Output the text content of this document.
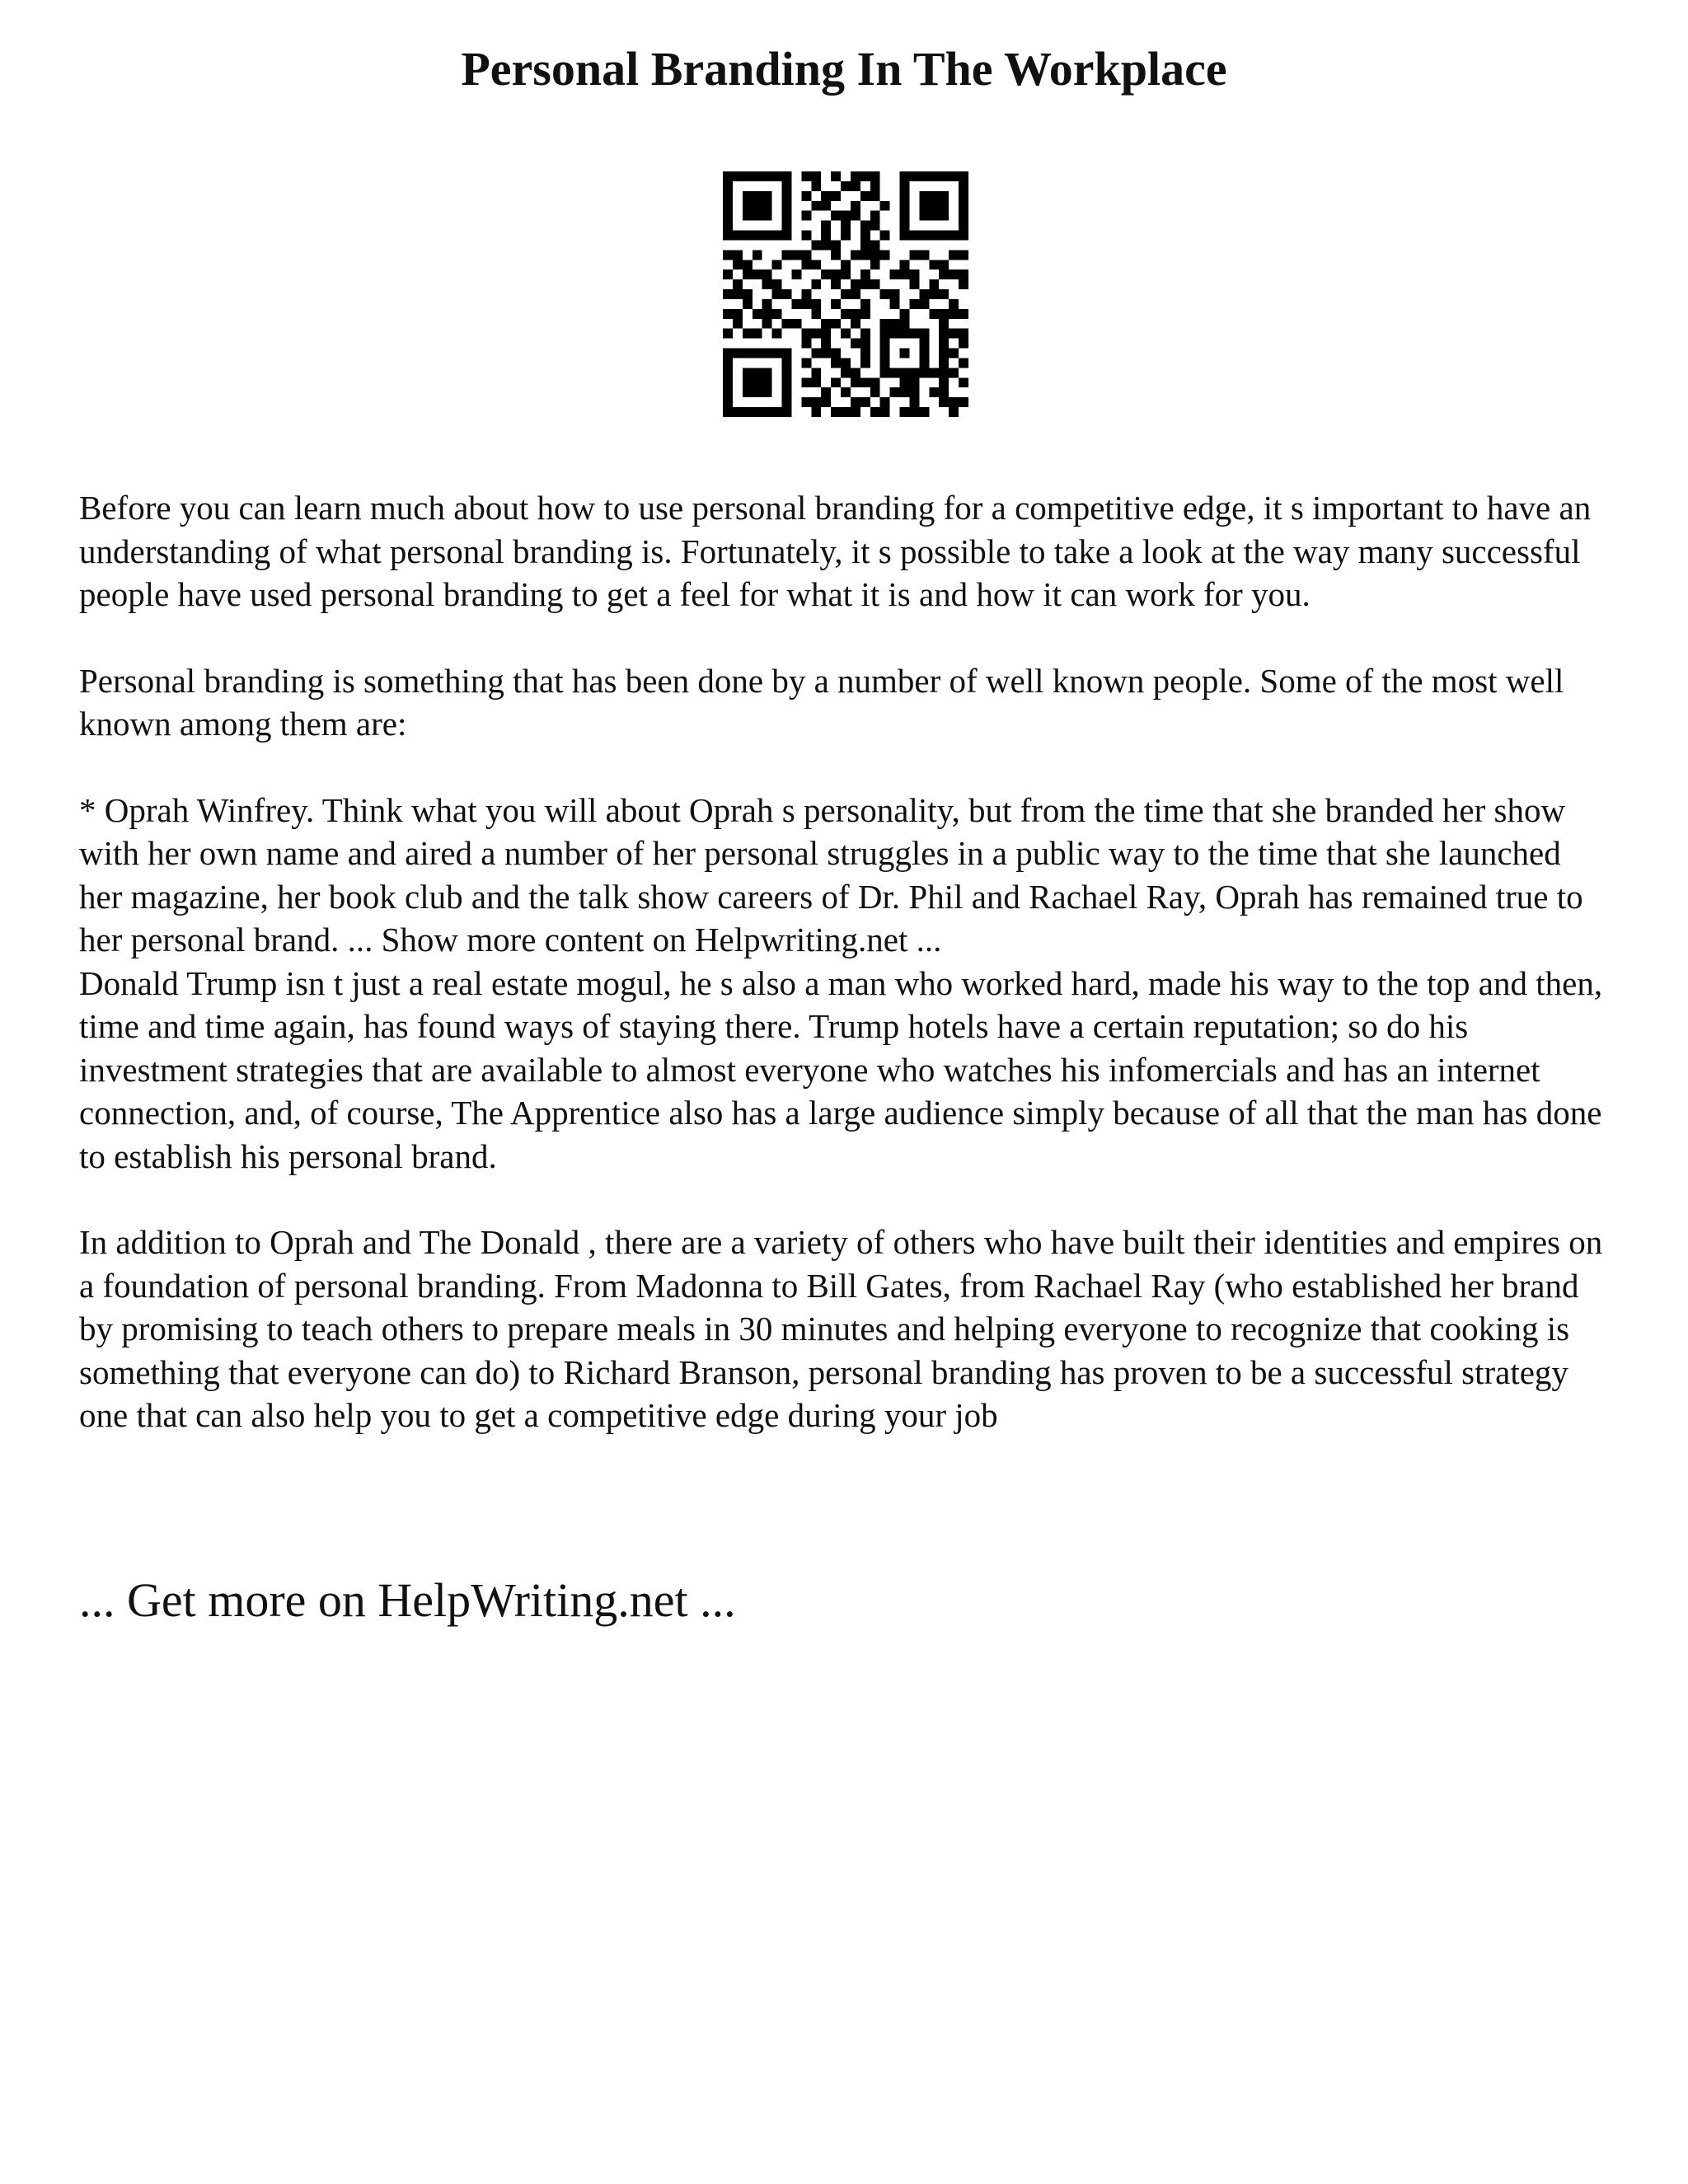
Personal Branding In The Workplace

Before you can learn much about how to use personal branding for a competitive edge, it s important to have an understanding of what personal branding is. Fortunately, it s possible to take a look at the way many successful people have used personal branding to get a feel for what it is and how it can work for you.

Personal branding is something that has been done by a number of well known people. Some of the most well known among them are:

* Oprah Winfrey. Think what you will about Oprah s personality, but from the time that she branded her show with her own name and aired a number of her personal struggles in a public way to the time that she launched her magazine, her book club and the talk show careers of Dr. Phil and Rachael Ray, Oprah has remained true to her personal brand. ... Show more content on Helpwriting.net ...

Donald Trump isn t just a real estate mogul, he s also a man who worked hard, made his way to the top and then, time and time again, has found ways of staying there. Trump hotels have a certain reputation; so do his investment strategies that are available to almost everyone who watches his infomercials and has an internet connection, and, of course, The Apprentice also has a large audience simply because of all that the man has done to establish his personal brand.

In addition to Oprah and The Donald , there are a variety of others who have built their identities and empires on a foundation of personal branding. From Madonna to Bill Gates, from Rachael Ray (who established her brand by promising to teach others to prepare meals in 30 minutes and helping everyone to recognize that cooking is something that everyone can do) to Richard Branson, personal branding has proven to be a successful strategy one that can also help you to get a competitive edge during your job

... Get more on HelpWriting.net ...
